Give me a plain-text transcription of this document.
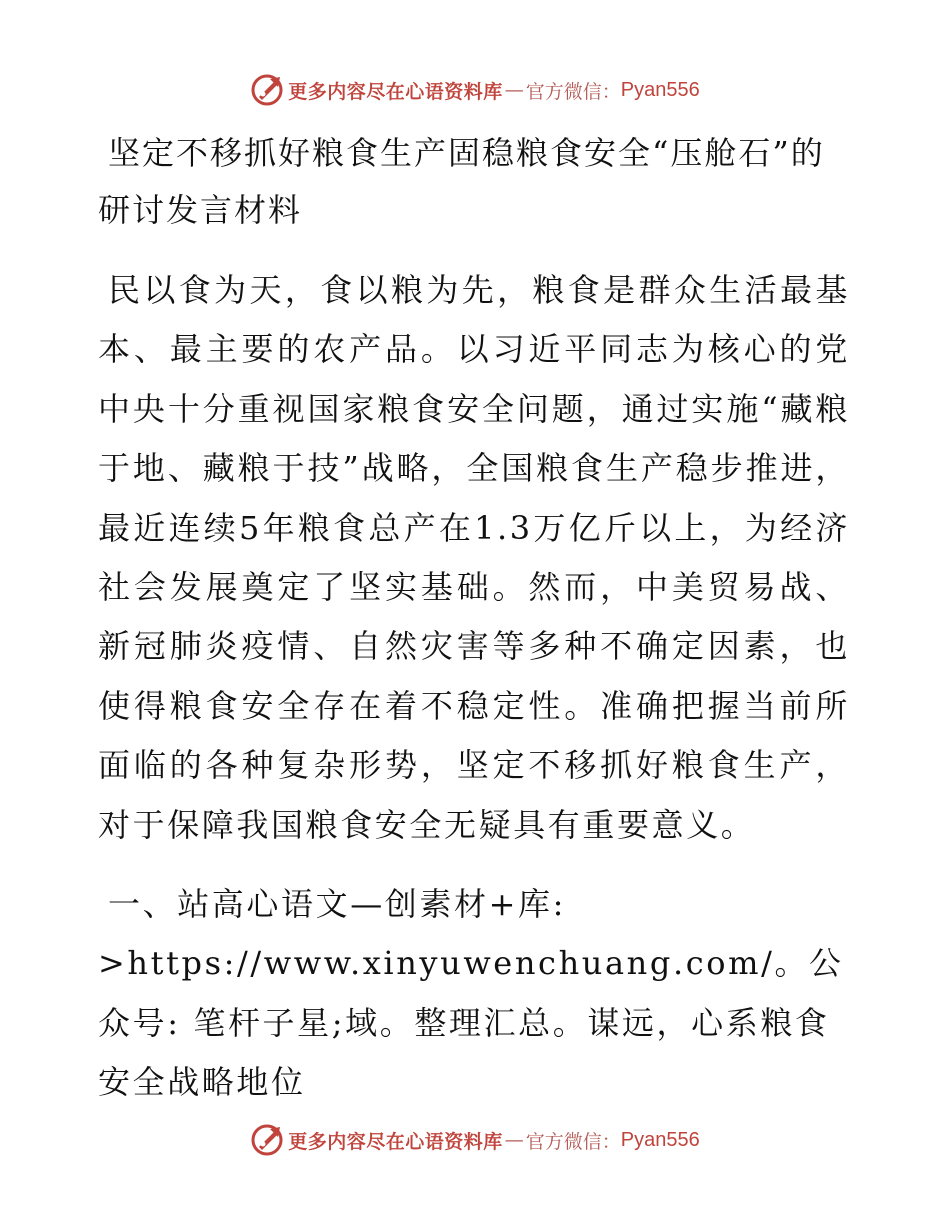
更多内容尽在心语资料库 — 官方微信： Pyan556
坚定不移抓好粮食生产固稳粮食安全“压舱石”的研讨发言材料

民以食为天，食以粮为先，粮食是群众生活最基本、最主要的农产品。以习近平同志为核心的党中央十分重视国家粮食安全问题，通过实施“藏粮于地、藏粮于技”战略，全国粮食生产稳步推进，最近连续5年粮食总产在1.3万亿斤以上，为经济社会发展奠定了坚实基础。然而，中美贸易战、新冠肺炎疫情、自然灾害等多种不确定因素，也使得粮食安全存在着不稳定性。准确把握当前所面临的各种复杂形势，坚定不移抓好粮食生产，对于保障我国粮食安全无疑具有重要意义。

一、站高心语文—创素材+库: >https://www.xinyuwenchuang.com/。公众号: 笔杆子星;域。整理汇总。谋远，心系粮食安全战略地位

更多内容尽在心语资料库 — 官方微信： Pyan556
